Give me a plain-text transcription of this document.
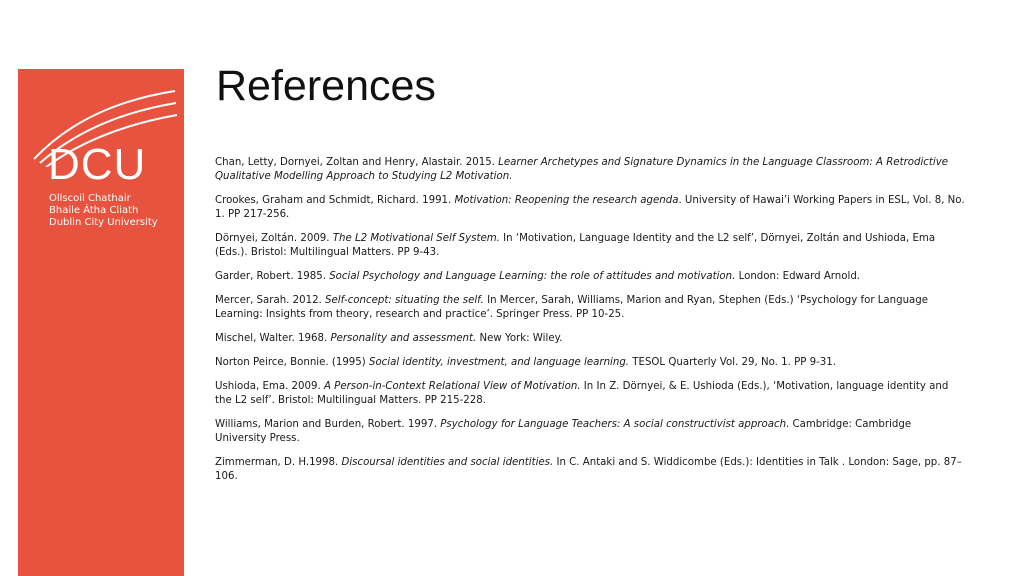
DCU
Ollscoil Chathair
Bhaile Átha Cliath
Dublin City University
References

Chan, Letty, Dornyei, Zoltan and Henry, Alastair. 2015. Learner Archetypes and Signature Dynamics in the Language Classroom: A Retrodictive Qualitative Modelling Approach to Studying L2 Motivation.

Crookes, Graham and Schmidt, Richard. 1991. Motivation: Reopening the research agenda. University of Hawai’i Working Papers in ESL, Vol. 8, No. 1. PP 217-256.

Dörnyei, Zoltán. 2009. The L2 Motivational Self System. In ‘Motivation, Language Identity and the L2 self’, Dörnyei, Zoltán and Ushioda, Ema (Eds.). Bristol: Multilingual Matters. PP 9-43.

Garder, Robert. 1985. Social Psychology and Language Learning: the role of attitudes and motivation. London: Edward Arnold.

Mercer, Sarah. 2012. Self-concept: situating the self. In Mercer, Sarah, Williams, Marion and Ryan, Stephen (Eds.) ‘Psychology for Language Learning: Insights from theory, research and practice’. Springer Press. PP 10-25.

Mischel, Walter. 1968. Personality and assessment. New York: Wiley.

Norton Peirce, Bonnie. (1995) Social identity, investment, and language learning. TESOL Quarterly Vol. 29, No. 1. PP 9-31.

Ushioda, Ema. 2009. A Person-in-Context Relational View of Motivation. In In Z. Dörnyei, & E. Ushioda (Eds.), ‘Motivation, language identity and the L2 self’. Bristol: Multilingual Matters. PP 215-228.

Williams, Marion and Burden, Robert. 1997. Psychology for Language Teachers: A social constructivist approach. Cambridge: Cambridge University Press.

Zimmerman, D. H.1998. Discoursal identities and social identities. In C. Antaki and S. Widdicombe (Eds.): Identities in Talk . London: Sage, pp. 87–106.
